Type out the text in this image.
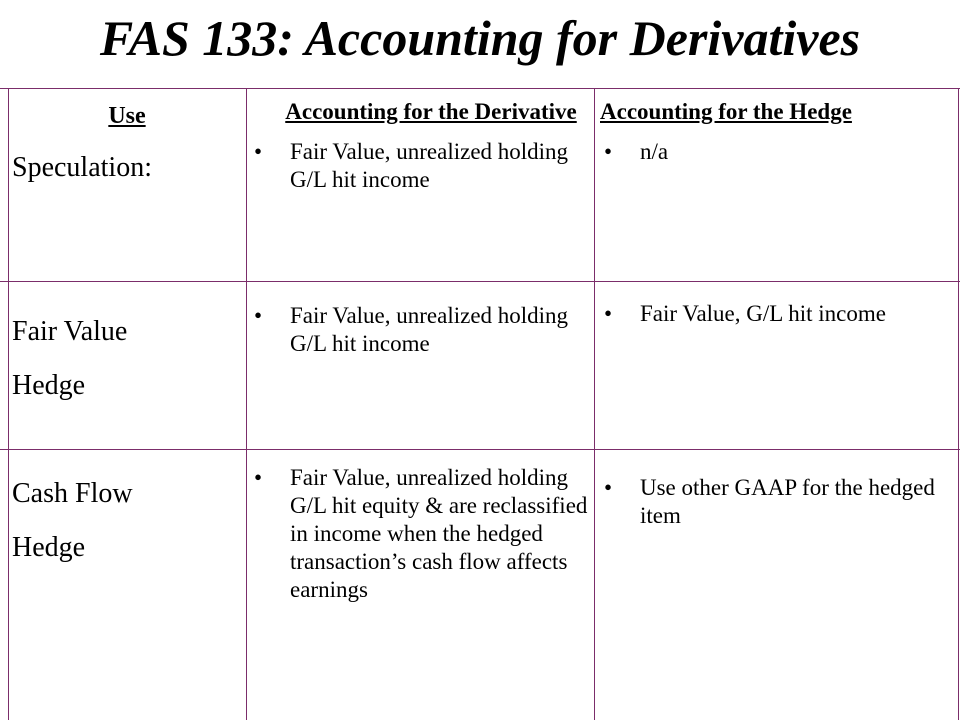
FAS 133: Accounting for Derivatives
Use
Speculation:
Accounting for the Derivative
• Fair Value, unrealized holding G/L hit income
Accounting for the Hedge
• n/a
Fair Value
Hedge
• Fair Value, unrealized holding G/L hit income
• Fair Value, G/L hit income
Cash Flow
Hedge
• Fair Value, unrealized holding G/L hit equity & are reclassified in income when the hedged transaction’s cash flow affects earnings
• Use other GAAP for the hedged item
